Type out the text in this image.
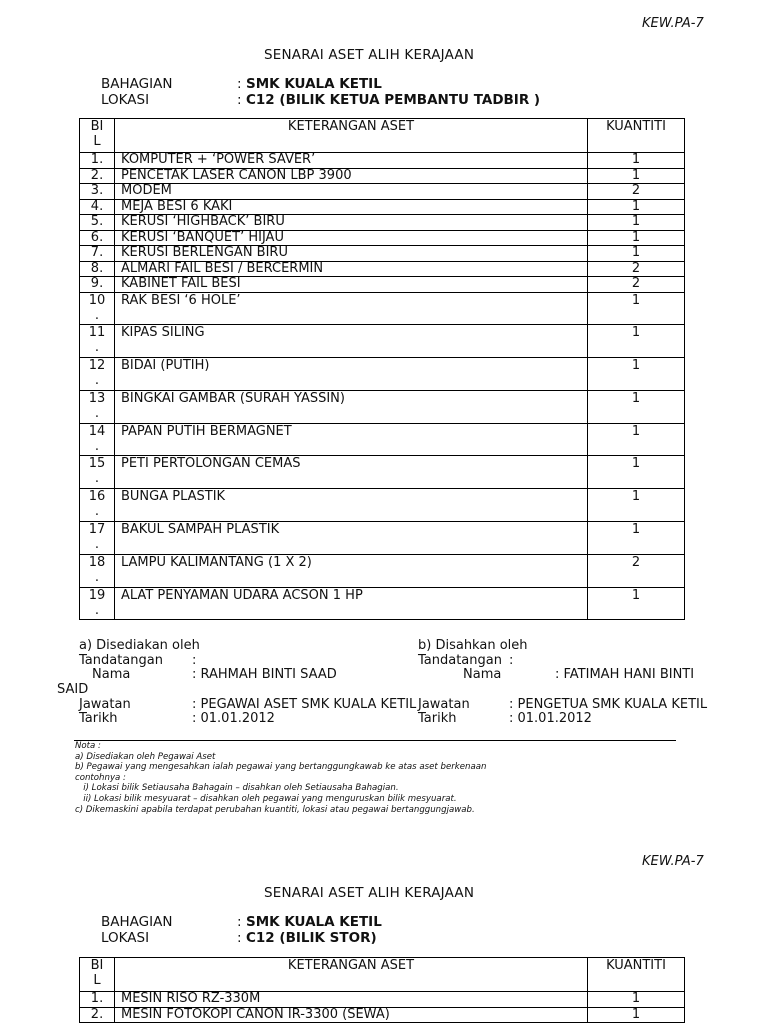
KEW.PA-7
SENARAI ASET ALIH KERAJAAN
BAHAGIAN	: SMK KUALA KETIL
LOKASI	: C12 (BILIK KETUA PEMBANTU TADBIR )
BI
L	KETERANGAN ASET	KUANTITI

1.	KOMPUTER + ‘POWER SAVER’	1

2.	PENCETAK LASER CANON LBP 3900	1

3.	MODEM	2

4.	MEJA BESI 6 KAKI	1

5.	KERUSI ‘HIGHBACK’ BIRU	1

6.	KERUSI ‘BANQUET’ HIJAU	1

7.	KERUSI BERLENGAN BIRU	1

8.	ALMARI FAIL BESI / BERCERMIN	2

9.	KABINET FAIL BESI	2

10
.	RAK BESI ‘6 HOLE’	1

11
.	KIPAS SILING	1

12
.	BIDAI (PUTIH)	1

13
.	BINGKAI GAMBAR (SURAH YASSIN)	1

14
.	PAPAN PUTIH BERMAGNET	1

15
.	PETI PERTOLONGAN CEMAS	1

16
.	BUNGA PLASTIK	1

17
.	BAKUL SAMPAH PLASTIK	1

18
.	LAMPU KALIMANTANG (1 X 2)	2

19
.	ALAT PENYAMAN UDARA ACSON 1 HP	1
a) Disediakan oleh
Tandatangan :
Nama	: RAHMAH BINTI SAAD
Jawatan	: PEGAWAI ASET SMK KUALA KETIL
Tarikh	: 01.01.2012
b) Disahkan oleh
Tandatangan :
Nama	: FATIMAH HANI BINTI
SAID
Jawatan	: PENGETUA SMK KUALA KETIL
Tarikh	: 01.01.2012
Nota :
a) Disediakan oleh Pegawai Aset
b) Pegawai yang mengesahkan ialah pegawai yang bertanggungkawab ke atas aset berkenaan
contohnya :
i) Lokasi bilik Setiausaha Bahagain – disahkan oleh Setiausaha Bahagian.
ii) Lokasi bilik mesyuarat – disahkan oleh pegawai yang menguruskan bilik mesyuarat.
c) Dikemaskini apabila terdapat perubahan kuantiti, lokasi atau pegawai bertanggungjawab.
KEW.PA-7
SENARAI ASET ALIH KERAJAAN
BAHAGIAN	: SMK KUALA KETIL
LOKASI	: C12 (BILIK STOR)
BI
L	KETERANGAN ASET	KUANTITI

1.	MESIN RISO RZ-330M	1

2.	MESIN FOTOKOPI CANON IR-3300 (SEWA)	1
